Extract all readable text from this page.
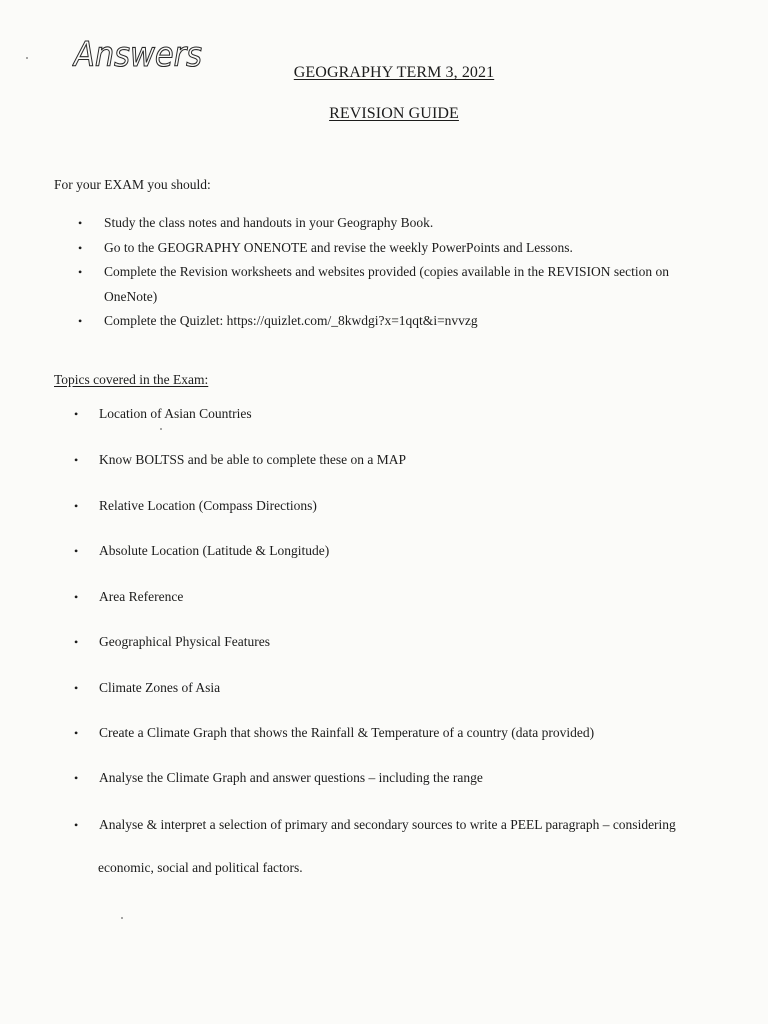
Answers	GEOGRAPHY TERM 3, 2021
REVISION GUIDE
For your EXAM you should:
• Study the class notes and handouts in your Geography Book.
• Go to the GEOGRAPHY ONENOTE and revise the weekly PowerPoints and Lessons.
• Complete the Revision worksheets and websites provided (copies available in the REVISION section on
OneNote)
• Complete the Quizlet: https://quizlet.com/_8kwdgi?x=1qqt&i=nvvzg
Topics covered in the Exam:
• Location of Asian Countries
• Know BOLTSS and be able to complete these on a MAP
• Relative Location (Compass Directions)
• Absolute Location (Latitude & Longitude)
• Area Reference
• Geographical Physical Features
• Climate Zones of Asia
• Create a Climate Graph that shows the Rainfall & Temperature of a country (data provided)
• Analyse the Climate Graph and answer questions – including the range
• Analyse & interpret a selection of primary and secondary sources to write a PEEL paragraph – considering
economic, social and political factors.
